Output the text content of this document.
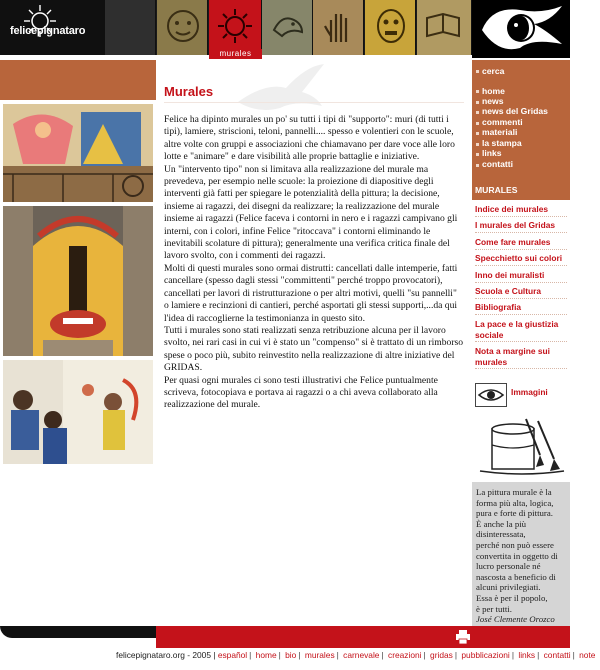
felicepignataro
murales
Murales

Felice ha dipinto murales un po' su tutti i tipi di "supporto": muri (di tutti i tipi), lamiere, striscioni, teloni, pannelli.... spesso e volentieri con le scuole, altre volte con gruppi e associazioni che chiamavano per dare voce alle loro lotte e "animare" e dare visibilità alle proprie battaglie e iniziative.

Un "intervento tipo" non si limitava alla realizzazione del murale ma prevedeva, per esempio nelle scuole: la proiezione di diapositive degli interventi già fatti per spiegare le potenzialità della pittura; la decisione, insieme ai ragazzi, dei disegni da realizzare; la realizzazione del murale insieme ai ragazzi (Felice faceva i contorni in nero e i ragazzi campivano gli interni, con i colori, infine Felice "ritoccava" i contorni eliminando le inevitabili scolature di pittura); generalmente una verifica critica finale del lavoro svolto, con i commenti dei ragazzi.

Molti di questi murales sono ormai distrutti: cancellati dalle intemperie, fatti cancellare (spesso dagli stessi "committenti" perché troppo provocatori), cancellati per lavori di ristrutturazione o per altri motivi, quelli "su pannelli" o lamiere e recinzioni di cantieri, perché asportati gli stessi supporti,...da qui l'idea di raccoglierne la testimonianza in questo sito.

Tutti i murales sono stati realizzati senza retribuzione alcuna per il lavoro svolto, nei rari casi in cui vi è stato un "compenso" si è trattato di un rimborso spese o poco più, subito reinvestito nella realizzazione di altre iniziative del GRIDAS.

Per quasi ogni murales ci sono testi illustrativi che Felice puntualmente scriveva, fotocopiava e portava ai ragazzi o a chi aveva collaborato alla realizzazione del murale.

cerca
home
news
news del Gridas
commenti
materiali
la stampa
links
contatti
MURALES
Indice dei murales
I murales del Gridas
Come fare murales
Specchietto sui colori
Inno dei muralisti
Scuola e Cultura
Bibliografia
La pace e la giustizia sociale
Nota a margine sui murales
Immagini
La pittura murale è la
forma più alta, logica,
pura e forte di pittura.
È anche la più
disinteressata,
perché non può essere
convertita in oggetto di
lucro personale né
nascosta a beneficio di
alcuni privilegiati.
Essa è per il popolo,
è per tutti.
José Clemente Orozco
felicepignataro.org - 2005 | español | home | bio | murales | carnevale | creazioni | gridas | pubblicazioni | links | contatti | note
